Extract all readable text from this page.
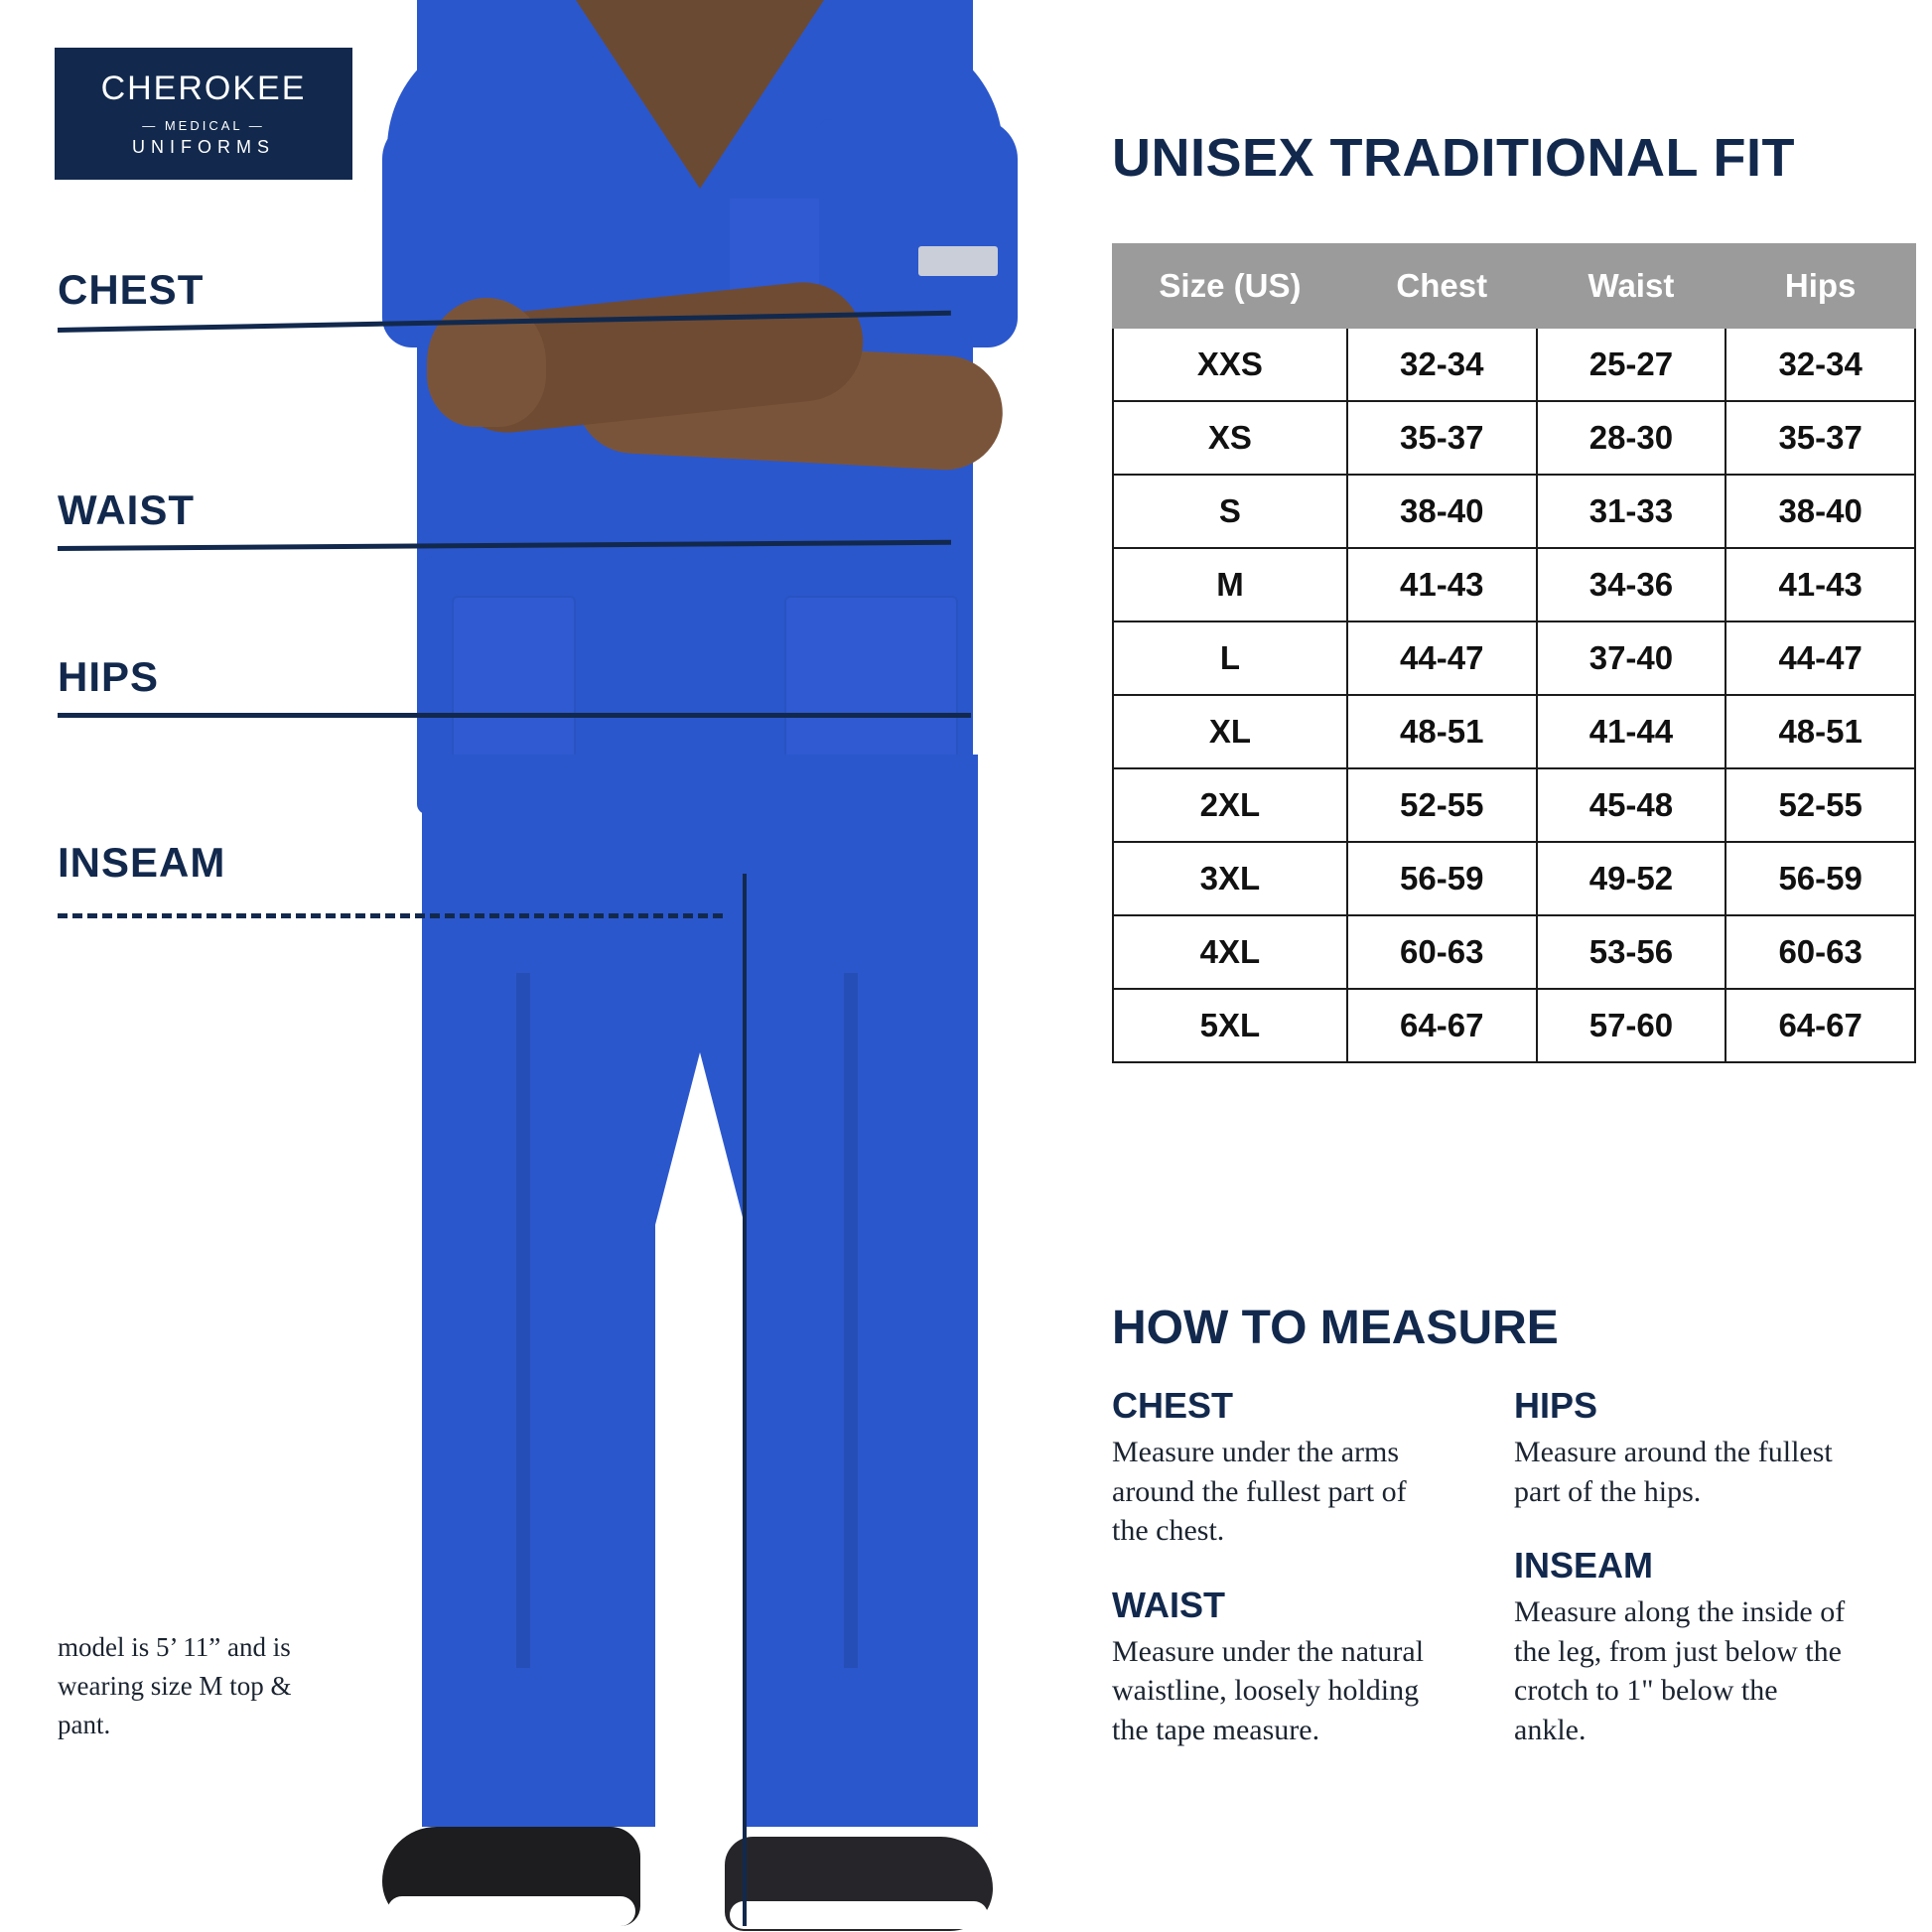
CHEROKEE
— MEDICAL —
UNIFORMS
CHEST
WAIST
HIPS
INSEAM
model is 5’ 11” and is wearing size M top & pant.
UNISEX TRADITIONAL FIT
Size (US)	Chest	Waist	Hips
XXS	32-34	25-27	32-34
XS	35-37	28-30	35-37
S	38-40	31-33	38-40
M	41-43	34-36	41-43
L	44-47	37-40	44-47
XL	48-51	41-44	48-51
2XL	52-55	45-48	52-55
3XL	56-59	49-52	56-59
4XL	60-63	53-56	60-63
5XL	64-67	57-60	64-67
HOW TO MEASURE
CHEST
Measure under the arms around the fullest part of the chest.
WAIST
Measure under the natural waistline, loosely holding the tape measure.
HIPS
Measure around the fullest part of the hips.
INSEAM
Measure along the inside of the leg, from just below the crotch to 1" below the ankle.
